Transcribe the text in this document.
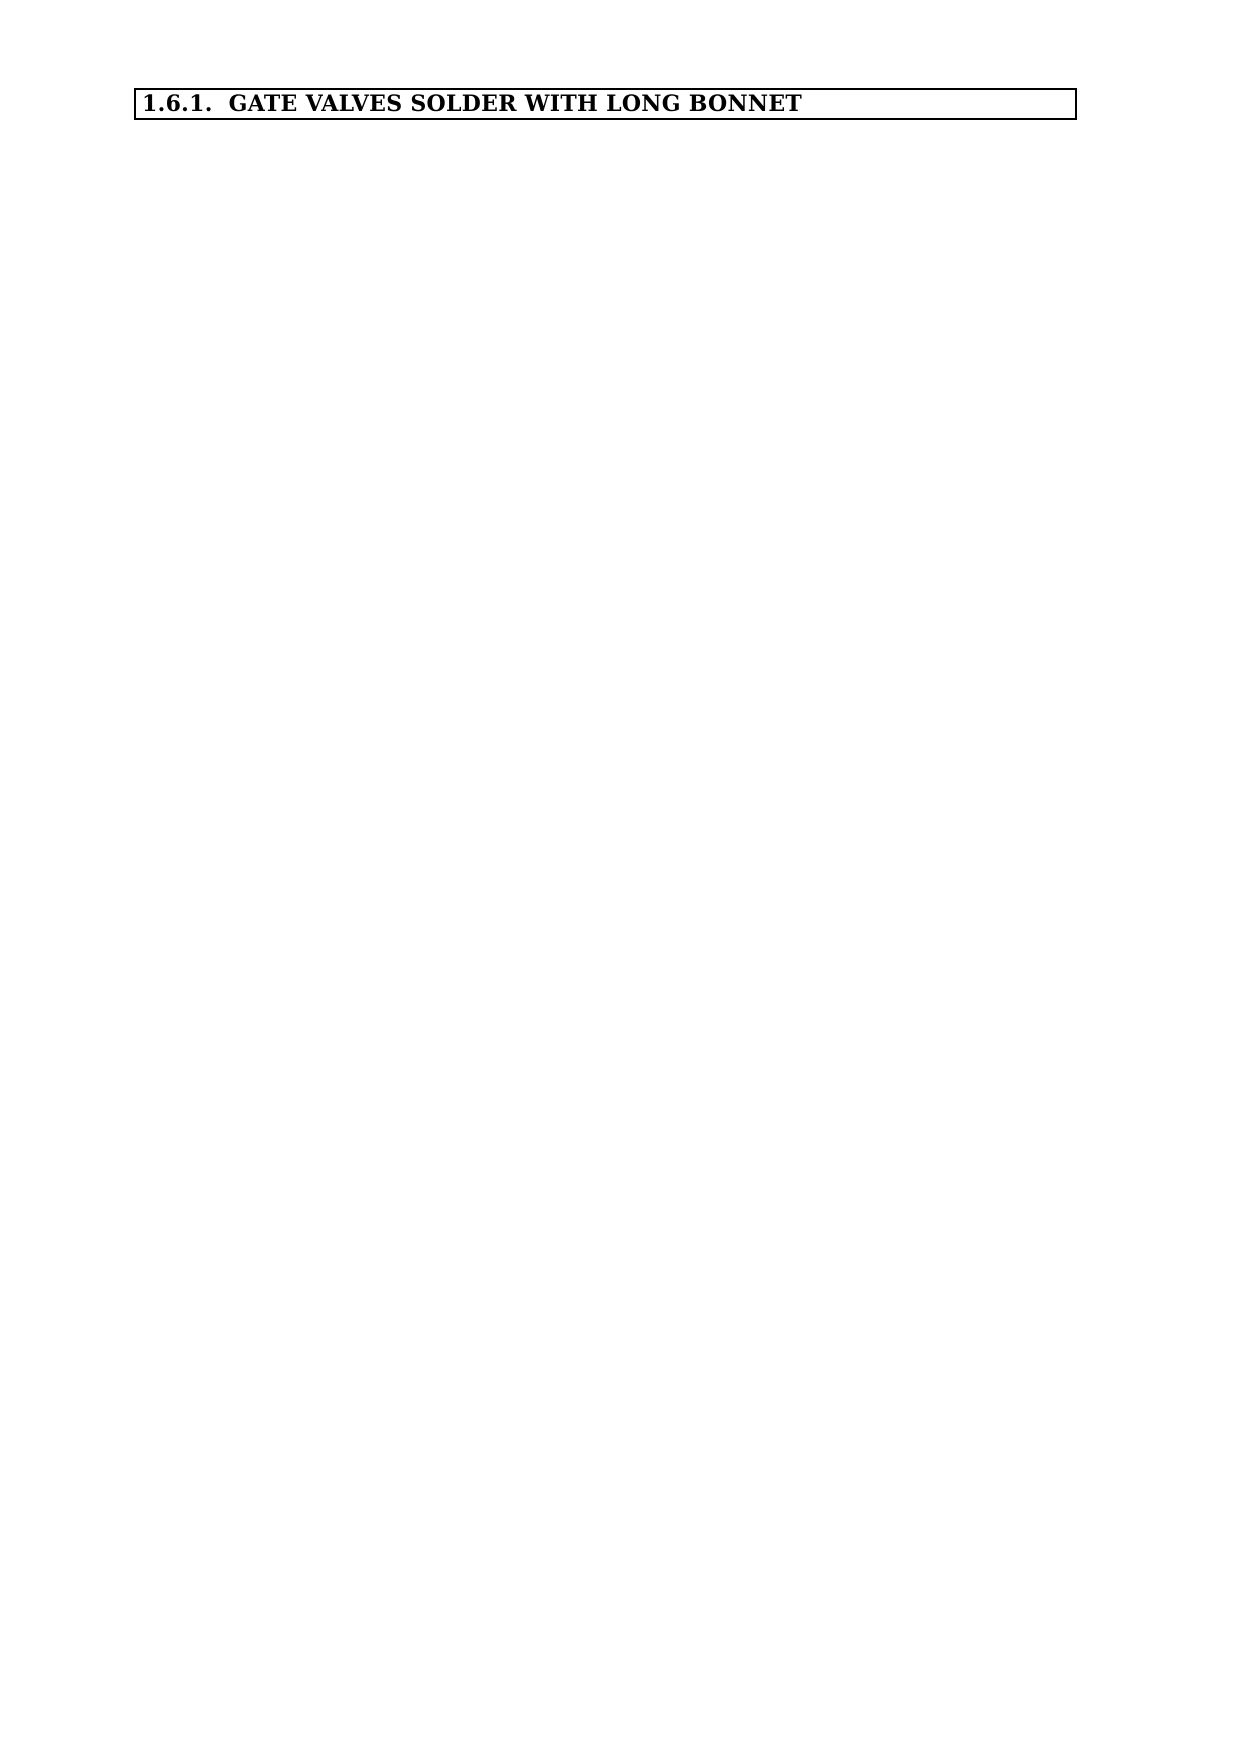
1.6.1.  GATE VALVES SOLDER WITH LONG BONNET
